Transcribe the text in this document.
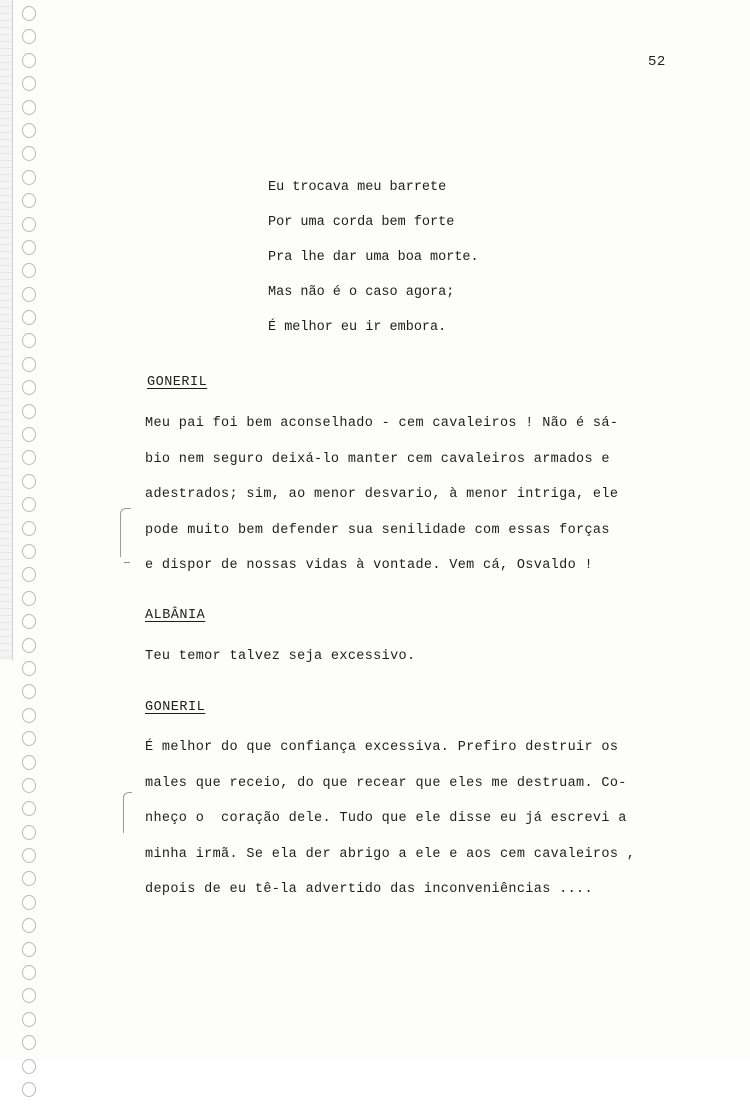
52
Eu trocava meu barrete
Por uma corda bem forte
Pra lhe dar uma boa morte.
Mas não é o caso agora;
É melhor eu ir embora.
GONERIL
Meu pai foi bem aconselhado - cem cavaleiros ! Não é sá-
bio nem seguro deixá-lo manter cem cavaleiros armados e
adestrados; sim, ao menor desvario, à menor intriga, ele
pode muito bem defender sua senilidade com essas forças
e dispor de nossas vidas à vontade. Vem cá, Osvaldo !
ALBÂNIA
Teu temor talvez seja excessivo.
GONERIL
É melhor do que confiança excessiva. Prefiro destruir os
males que receio, do que recear que eles me destruam. Co-
nheço o  coração dele. Tudo que ele disse eu já escrevi a
minha irmã. Se ela der abrigo a ele e aos cem cavaleiros ,
depois de eu tê-la advertido das inconveniências ....
